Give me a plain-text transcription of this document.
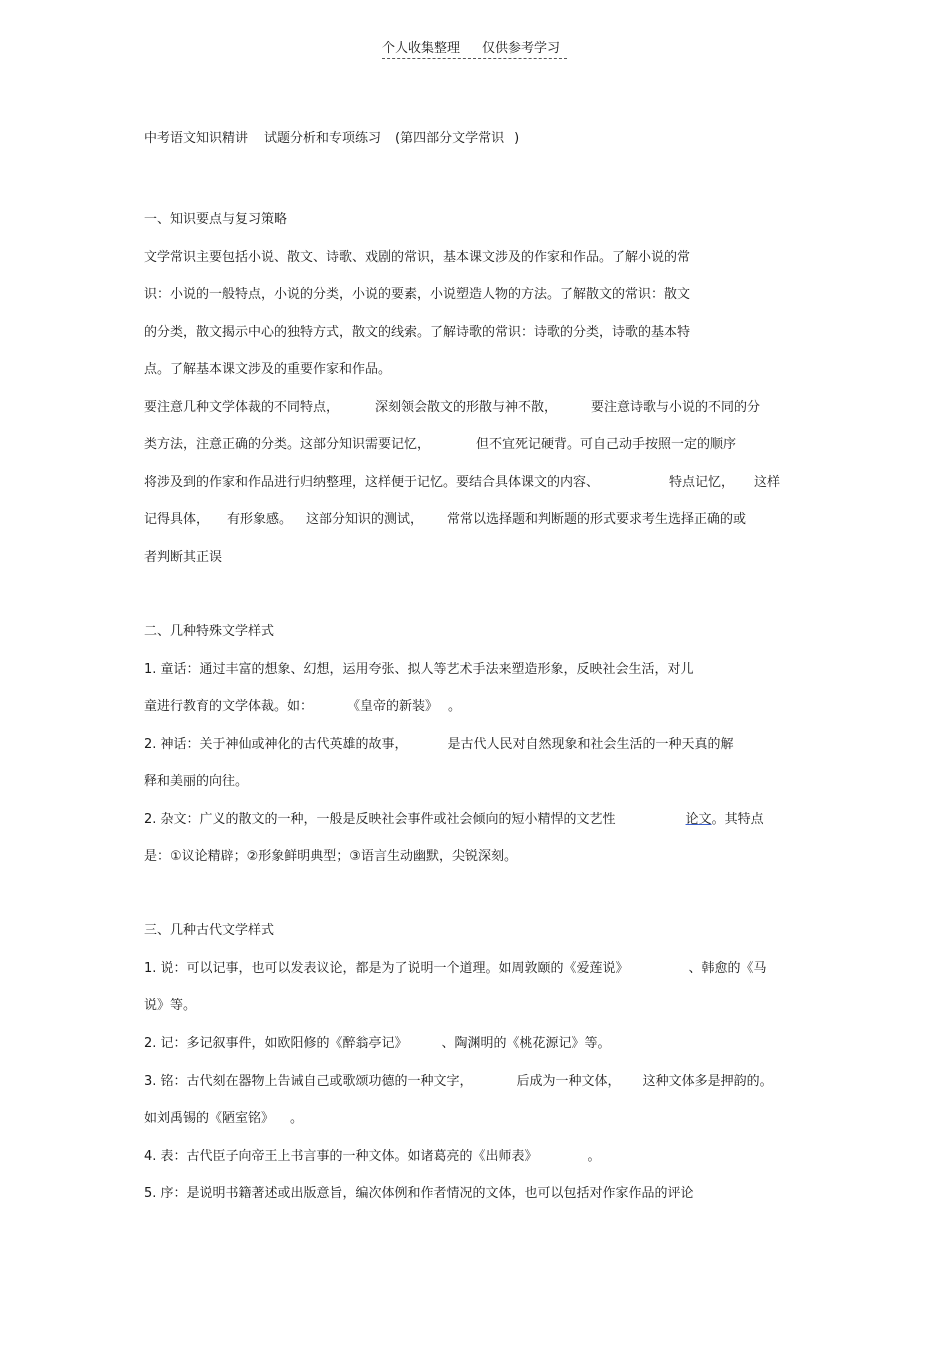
个人收集整理 仅供参考学习
中考语文知识精讲 试题分析和专项练习 (第四部分文学常识 )
一、知识要点与复习策略
文学常识主要包括小说、散文、诗歌、戏剧的常识，基本课文涉及的作家和作品。了解小说的常
识：小说的一般特点，小说的分类，小说的要素，小说塑造人物的方法。了解散文的常识：散文
的分类，散文揭示中心的独特方式，散文的线索。了解诗歌的常识：诗歌的分类，诗歌的基本特
点。了解基本课文涉及的重要作家和作品。
要注意几种文学体裁的不同特点，	深刻领会散文的形散与神不散，	要注意诗歌与小说的不同的分
类方法，注意正确的分类。这部分知识需要记忆，	但不宜死记硬背。可自己动手按照一定的顺序
将涉及到的作家和作品进行归纳整理，这样便于记忆。要结合具体课文的内容、	特点记忆， 这样
记得具体， 有形象感。 这部分知识的测试， 常常以选择题和判断题的形式要求考生选择正确的或
者判断其正误
二、几种特殊文学样式
1. 童话：通过丰富的想象、幻想，运用夸张、拟人等艺术手法来塑造形象，反映社会生活，对儿
童进行教育的文学体裁。如：	《皇帝的新装》 。
2. 神话：关于神仙或神化的古代英雄的故事，	是古代人民对自然现象和社会生活的一种天真的解
释和美丽的向往。
2. 杂文：广义的散文的一种，一般是反映社会事件或社会倾向的短小精悍的文艺性	论文。其特点
是：①议论精辟；②形象鲜明典型；③语言生动幽默，尖锐深刻。
三、几种古代文学样式
1. 说：可以记事，也可以发表议论，都是为了说明一个道理。如周敦颐的《爱莲说》	、韩愈的《马
说》等。
2. 记：多记叙事件，如欧阳修的《醉翁亭记》	、陶渊明的《桃花源记》等。
3. 铭：古代刻在器物上告诫自己或歌颂功德的一种文字，	后成为一种文体， 这种文体多是押韵的。
如刘禹锡的《陋室铭》 。
4. 表：古代臣子向帝王上书言事的一种文体。如诸葛亮的《出师表》	。
5. 序：是说明书籍著述或出版意旨，编次体例和作者情况的文体，也可以包括对作家作品的评论
